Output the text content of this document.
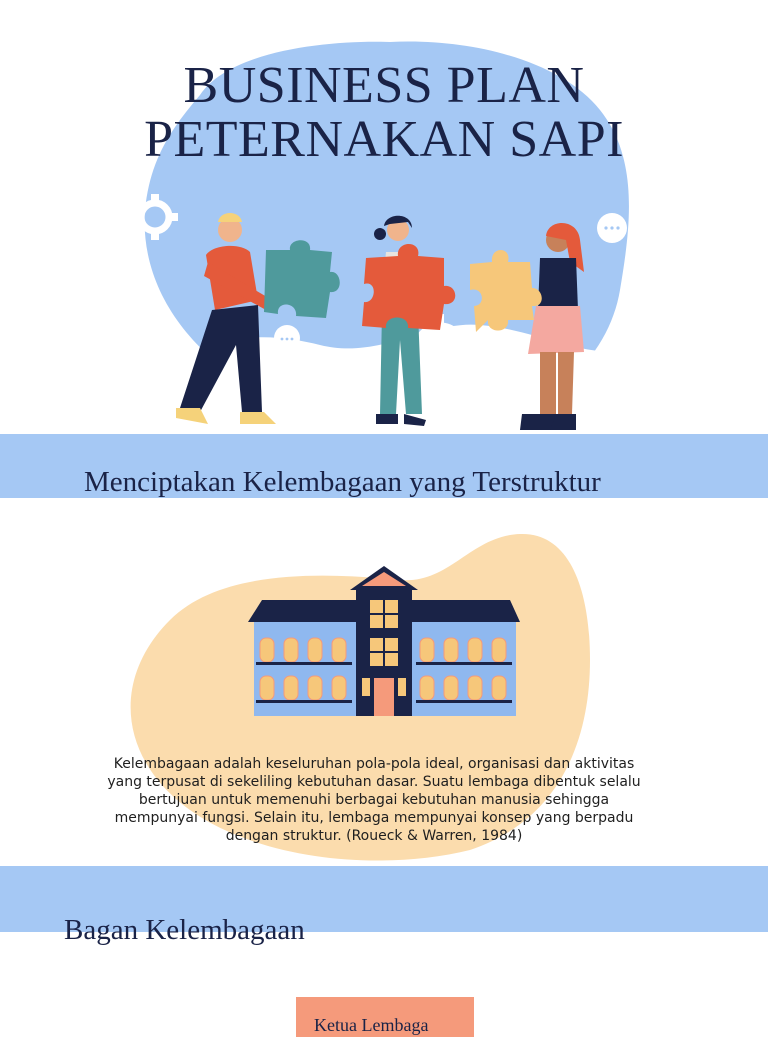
BUSINESS PLAN
PETERNAKAN SAPI
Menciptakan Kelembagaan yang Terstruktur
Kelembagaan adalah keseluruhan pola-pola ideal, organisasi dan aktivitas
yang terpusat di sekeliling kebutuhan dasar. Suatu lembaga dibentuk selalu
bertujuan untuk memenuhi berbagai kebutuhan manusia sehingga
mempunyai fungsi. Selain itu, lembaga mempunyai konsep yang berpadu
dengan struktur. (Roueck & Warren, 1984)
Bagan Kelembagaan
Ketua Lembaga
